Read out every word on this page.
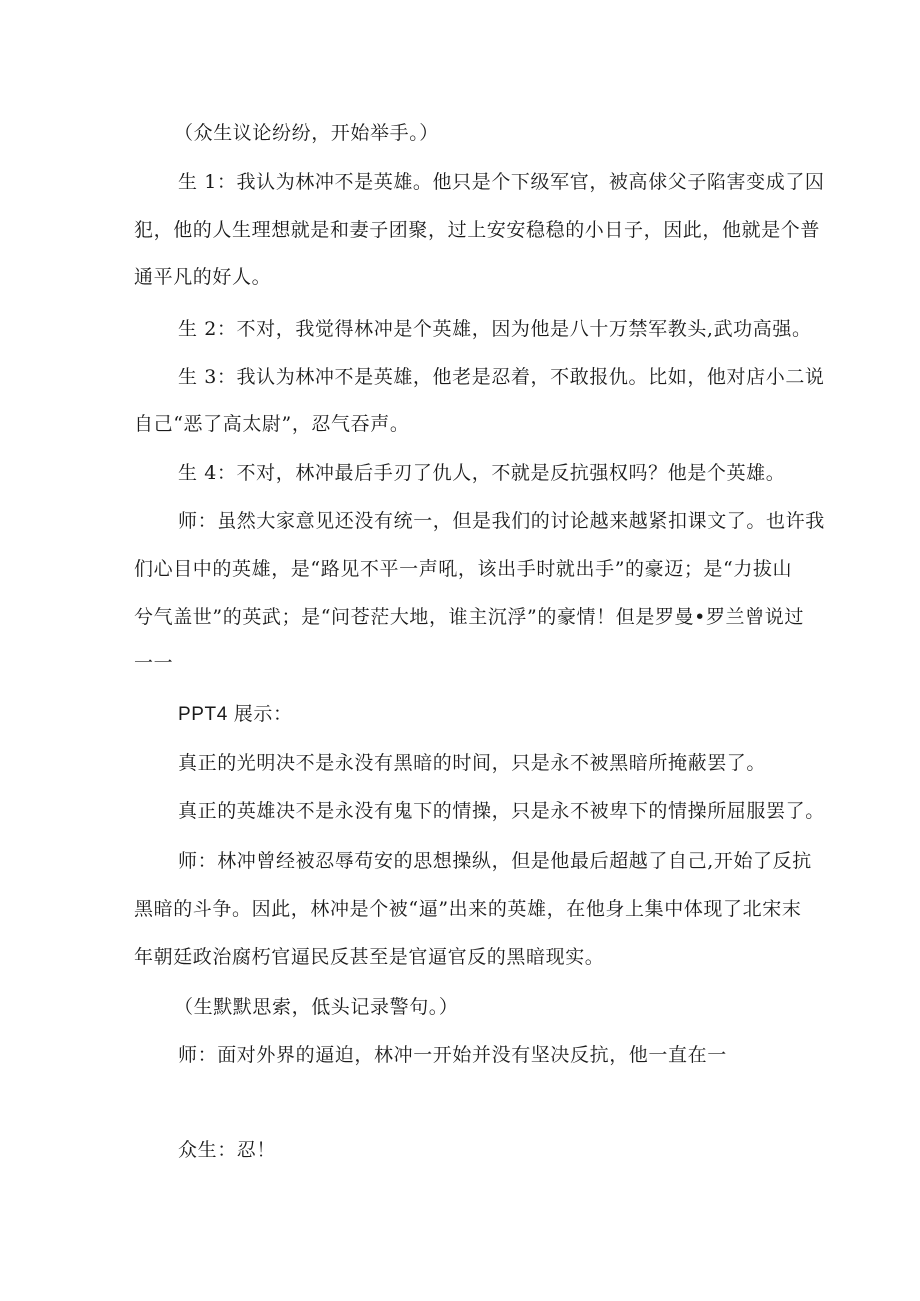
（众生议论纷纷，开始举手。）
生 1：我认为林冲不是英雄。他只是个下级军官，被高俅父子陷害变成了囚
犯，他的人生理想就是和妻子团聚，过上安安稳稳的小日子，因此，他就是个普
通平凡的好人。
生 2：不对，我觉得林冲是个英雄，因为他是八十万禁军教头,武功高强。
生 3：我认为林冲不是英雄，他老是忍着，不敢报仇。比如，他对店小二说
自己“恶了高太尉”，忍气吞声。
生 4：不对，林冲最后手刃了仇人，不就是反抗强权吗？他是个英雄。
师：虽然大家意见还没有统一，但是我们的讨论越来越紧扣课文了。也许我
们心目中的英雄，是“路见不平一声吼，该出手时就出手”的豪迈；是“力拔山
兮气盖世”的英武；是“问苍茫大地，谁主沉浮”的豪情！但是罗曼•罗兰曾说过
一一
PPT4 展示：
真正的光明决不是永没有黑暗的时间，只是永不被黑暗所掩蔽罢了。
真正的英雄决不是永没有鬼下的情操，只是永不被卑下的情操所屈服罢了。
师：林冲曾经被忍辱苟安的思想操纵，但是他最后超越了自己,开始了反抗
黑暗的斗争。因此，林冲是个被“逼”出来的英雄，在他身上集中体现了北宋末
年朝廷政治腐朽官逼民反甚至是官逼官反的黑暗现实。
（生默默思索，低头记录警句。）
师：面对外界的逼迫，林冲一开始并没有坚决反抗，他一直在一
众生：忍！
